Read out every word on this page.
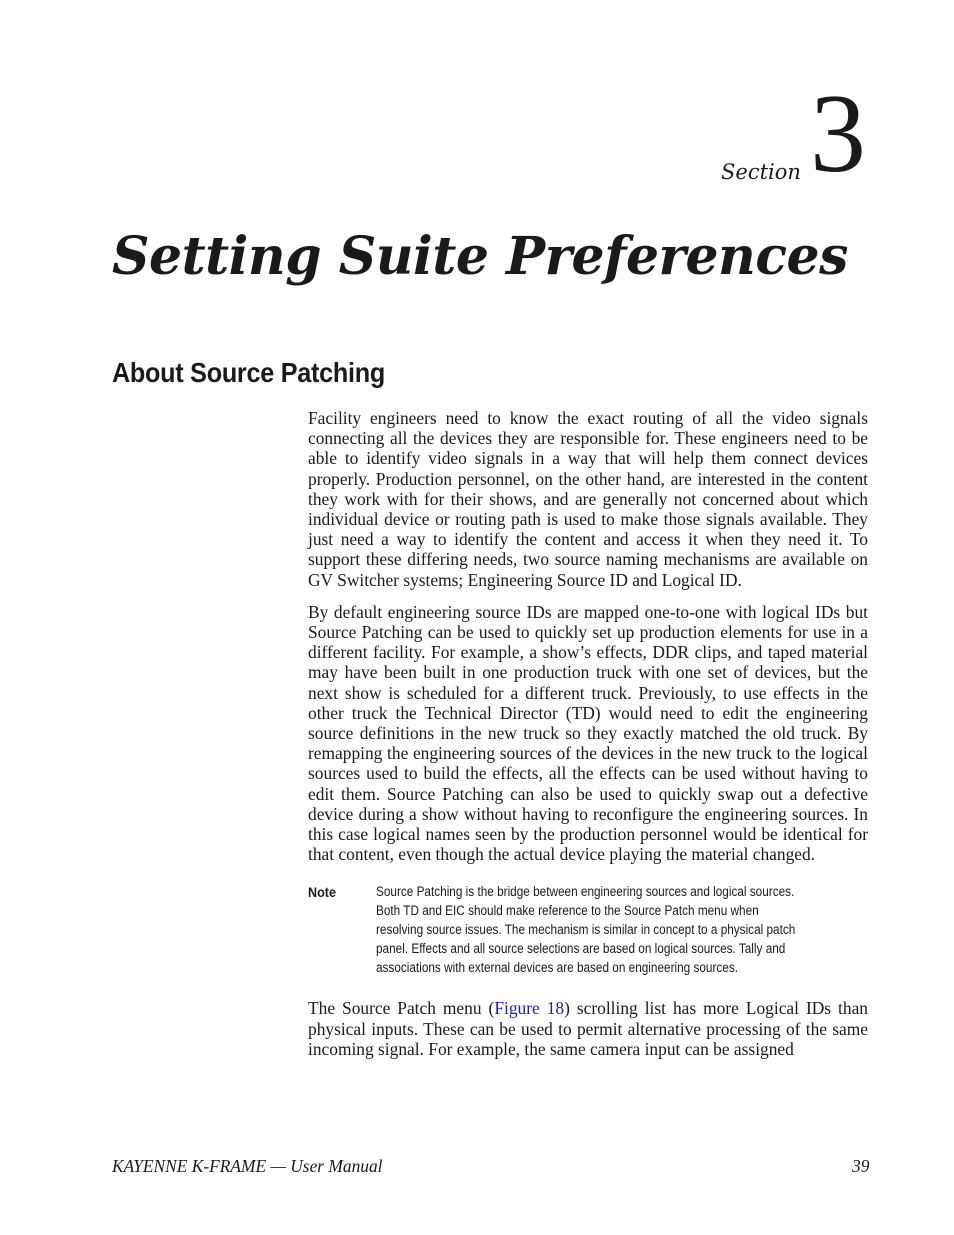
Section 3
Setting Suite Preferences
About Source Patching

Facility engineers need to know the exact routing of all the video signals connecting all the devices they are responsible for. These engineers need to be able to identify video signals in a way that will help them connect devices properly. Production personnel, on the other hand, are interested in the content they work with for their shows, and are generally not concerned about which individual device or routing path is used to make those signals available. They just need a way to identify the content and access it when they need it. To support these differing needs, two source naming mechanisms are available on GV Switcher systems; Engineering Source ID and Logical ID.

By default engineering source IDs are mapped one-to-one with logical IDs but Source Patching can be used to quickly set up production elements for use in a different facility. For example, a show’s effects, DDR clips, and taped material may have been built in one production truck with one set of devices, but the next show is scheduled for a different truck. Previously, to use effects in the other truck the Technical Director (TD) would need to edit the engineering source definitions in the new truck so they exactly matched the old truck. By remapping the engineering sources of the devices in the new truck to the logical sources used to build the effects, all the effects can be used without having to edit them. Source Patching can also be used to quickly swap out a defective device during a show without having to reconfigure the engineering sources. In this case logical names seen by the production personnel would be identical for that content, even though the actual device playing the material changed.

Note	Source Patching is the bridge between engineering sources and logical sources. Both TD and EIC should make reference to the Source Patch menu when resolving source issues. The mechanism is similar in concept to a physical patch panel. Effects and all source selections are based on logical sources. Tally and associations with external devices are based on engineering sources.

The Source Patch menu (Figure 18) scrolling list has more Logical IDs than physical inputs. These can be used to permit alternative processing of the same incoming signal. For example, the same camera input can be assigned

KAYENNE K-FRAME — User Manual	39
